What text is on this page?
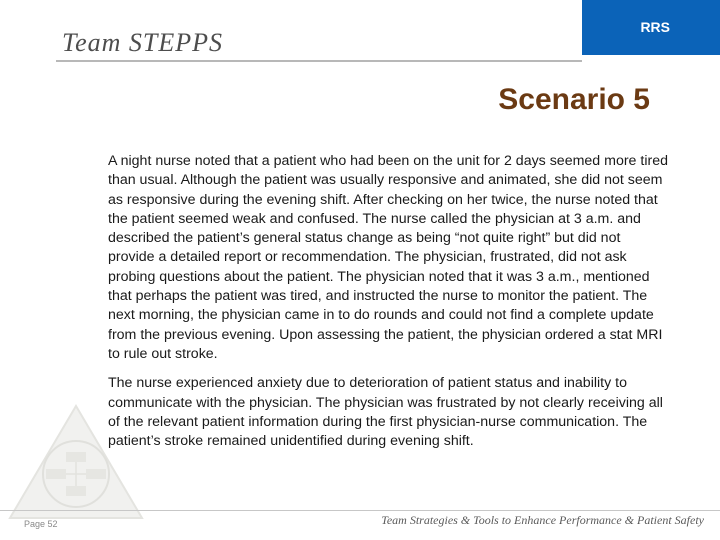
RRS
Team STEPPS
Scenario 5

A night nurse noted that a patient who had been on the unit for 2 days seemed more tired than usual. Although the patient was usually responsive and animated, she did not seem as responsive during the evening shift. After checking on her twice, the nurse noted that the patient seemed weak and confused. The nurse called the physician at 3 a.m. and described the patient’s general status change as being “not quite right” but did not provide a detailed report or recommendation. The physician, frustrated, did not ask probing questions about the patient. The physician noted that it was 3 a.m., mentioned that perhaps the patient was tired, and instructed the nurse to monitor the patient. The next morning, the physician came in to do rounds and could not find a complete update from the previous evening. Upon assessing the patient, the physician ordered a stat MRI to rule out stroke.

The nurse experienced anxiety due to deterioration of patient status and inability to communicate with the physician. The physician was frustrated by not clearly receiving all of the relevant patient information during the first physician-nurse communication. The patient’s stroke remained unidentified during evening shift.

Page 52	Team Strategies & Tools to Enhance Performance & Patient Safety
